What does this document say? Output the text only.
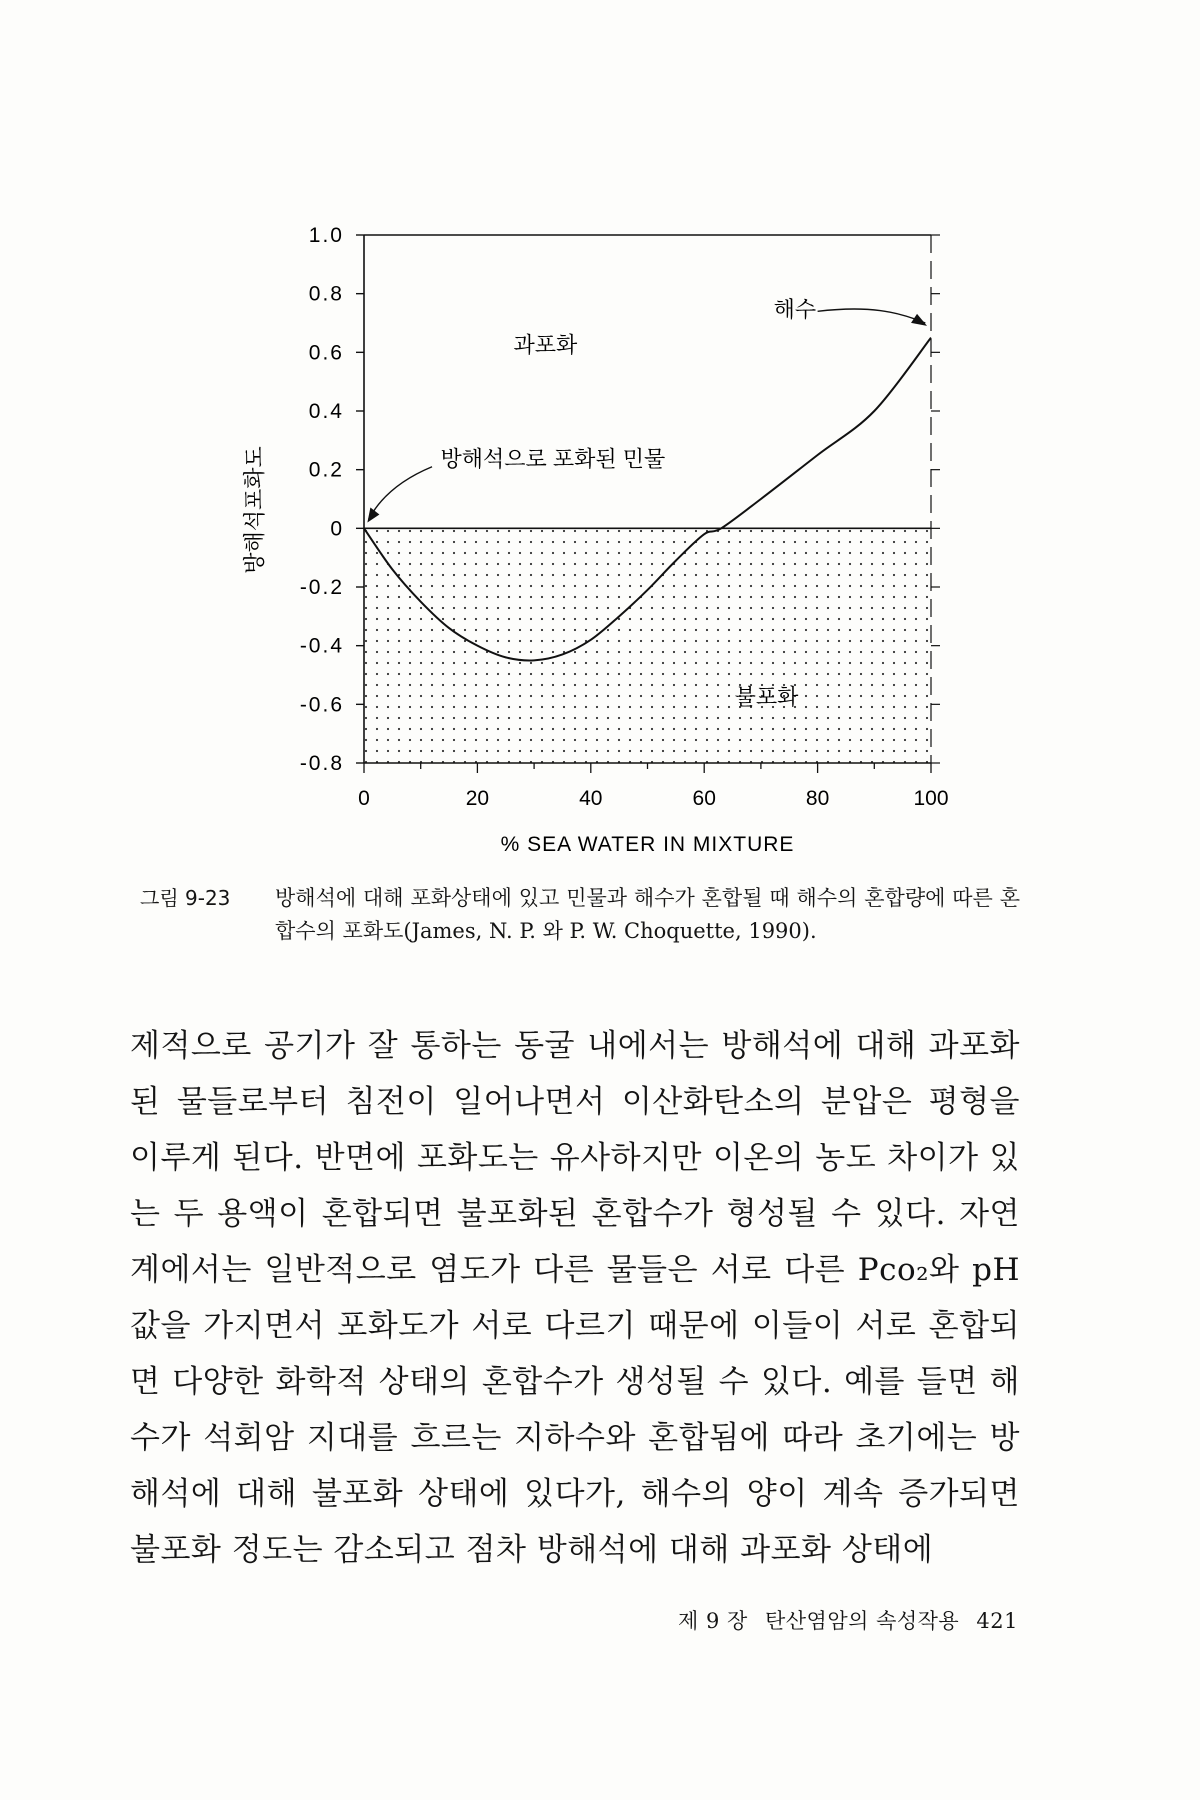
1.0
0.8
0.6
0.4
0.2
0
-0.2
-0.4
-0.6
-0.8
0	20	40	60	80	100
% SEA WATER IN MIXTURE
방해석포화도
과포화
불포화
해수
방해석으로 포화된 민물
그림 9-23	방해석에 대해 포화상태에 있고 민물과 해수가 혼합될 때 해수의 혼합량에 따른 혼합수의 포화도(James, N. P. 와 P. W. Choquette, 1990).

제적으로 공기가 잘 통하는 동굴 내에서는 방해석에 대해 과포화된 물들로부터 침전이 일어나면서 이산화탄소의 분압은 평형을 이루게 된다. 반면에 포화도는 유사하지만 이온의 농도 차이가 있는 두 용액이 혼합되면 불포화된 혼합수가 형성될 수 있다. 자연계에서는 일반적으로 염도가 다른 물들은 서로 다른 Pco₂와 pH값을 가지면서 포화도가 서로 다르기 때문에 이들이 서로 혼합되면 다양한 화학적 상태의 혼합수가 생성될 수 있다. 예를 들면 해수가 석회암 지대를 흐르는 지하수와 혼합됨에 따라 초기에는 방해석에 대해 불포화 상태에 있다가, 해수의 양이 계속 증가되면 불포화 정도는 감소되고 점차 방해석에 대해 과포화 상태에

제 9 장 탄산염암의 속성작용 421
